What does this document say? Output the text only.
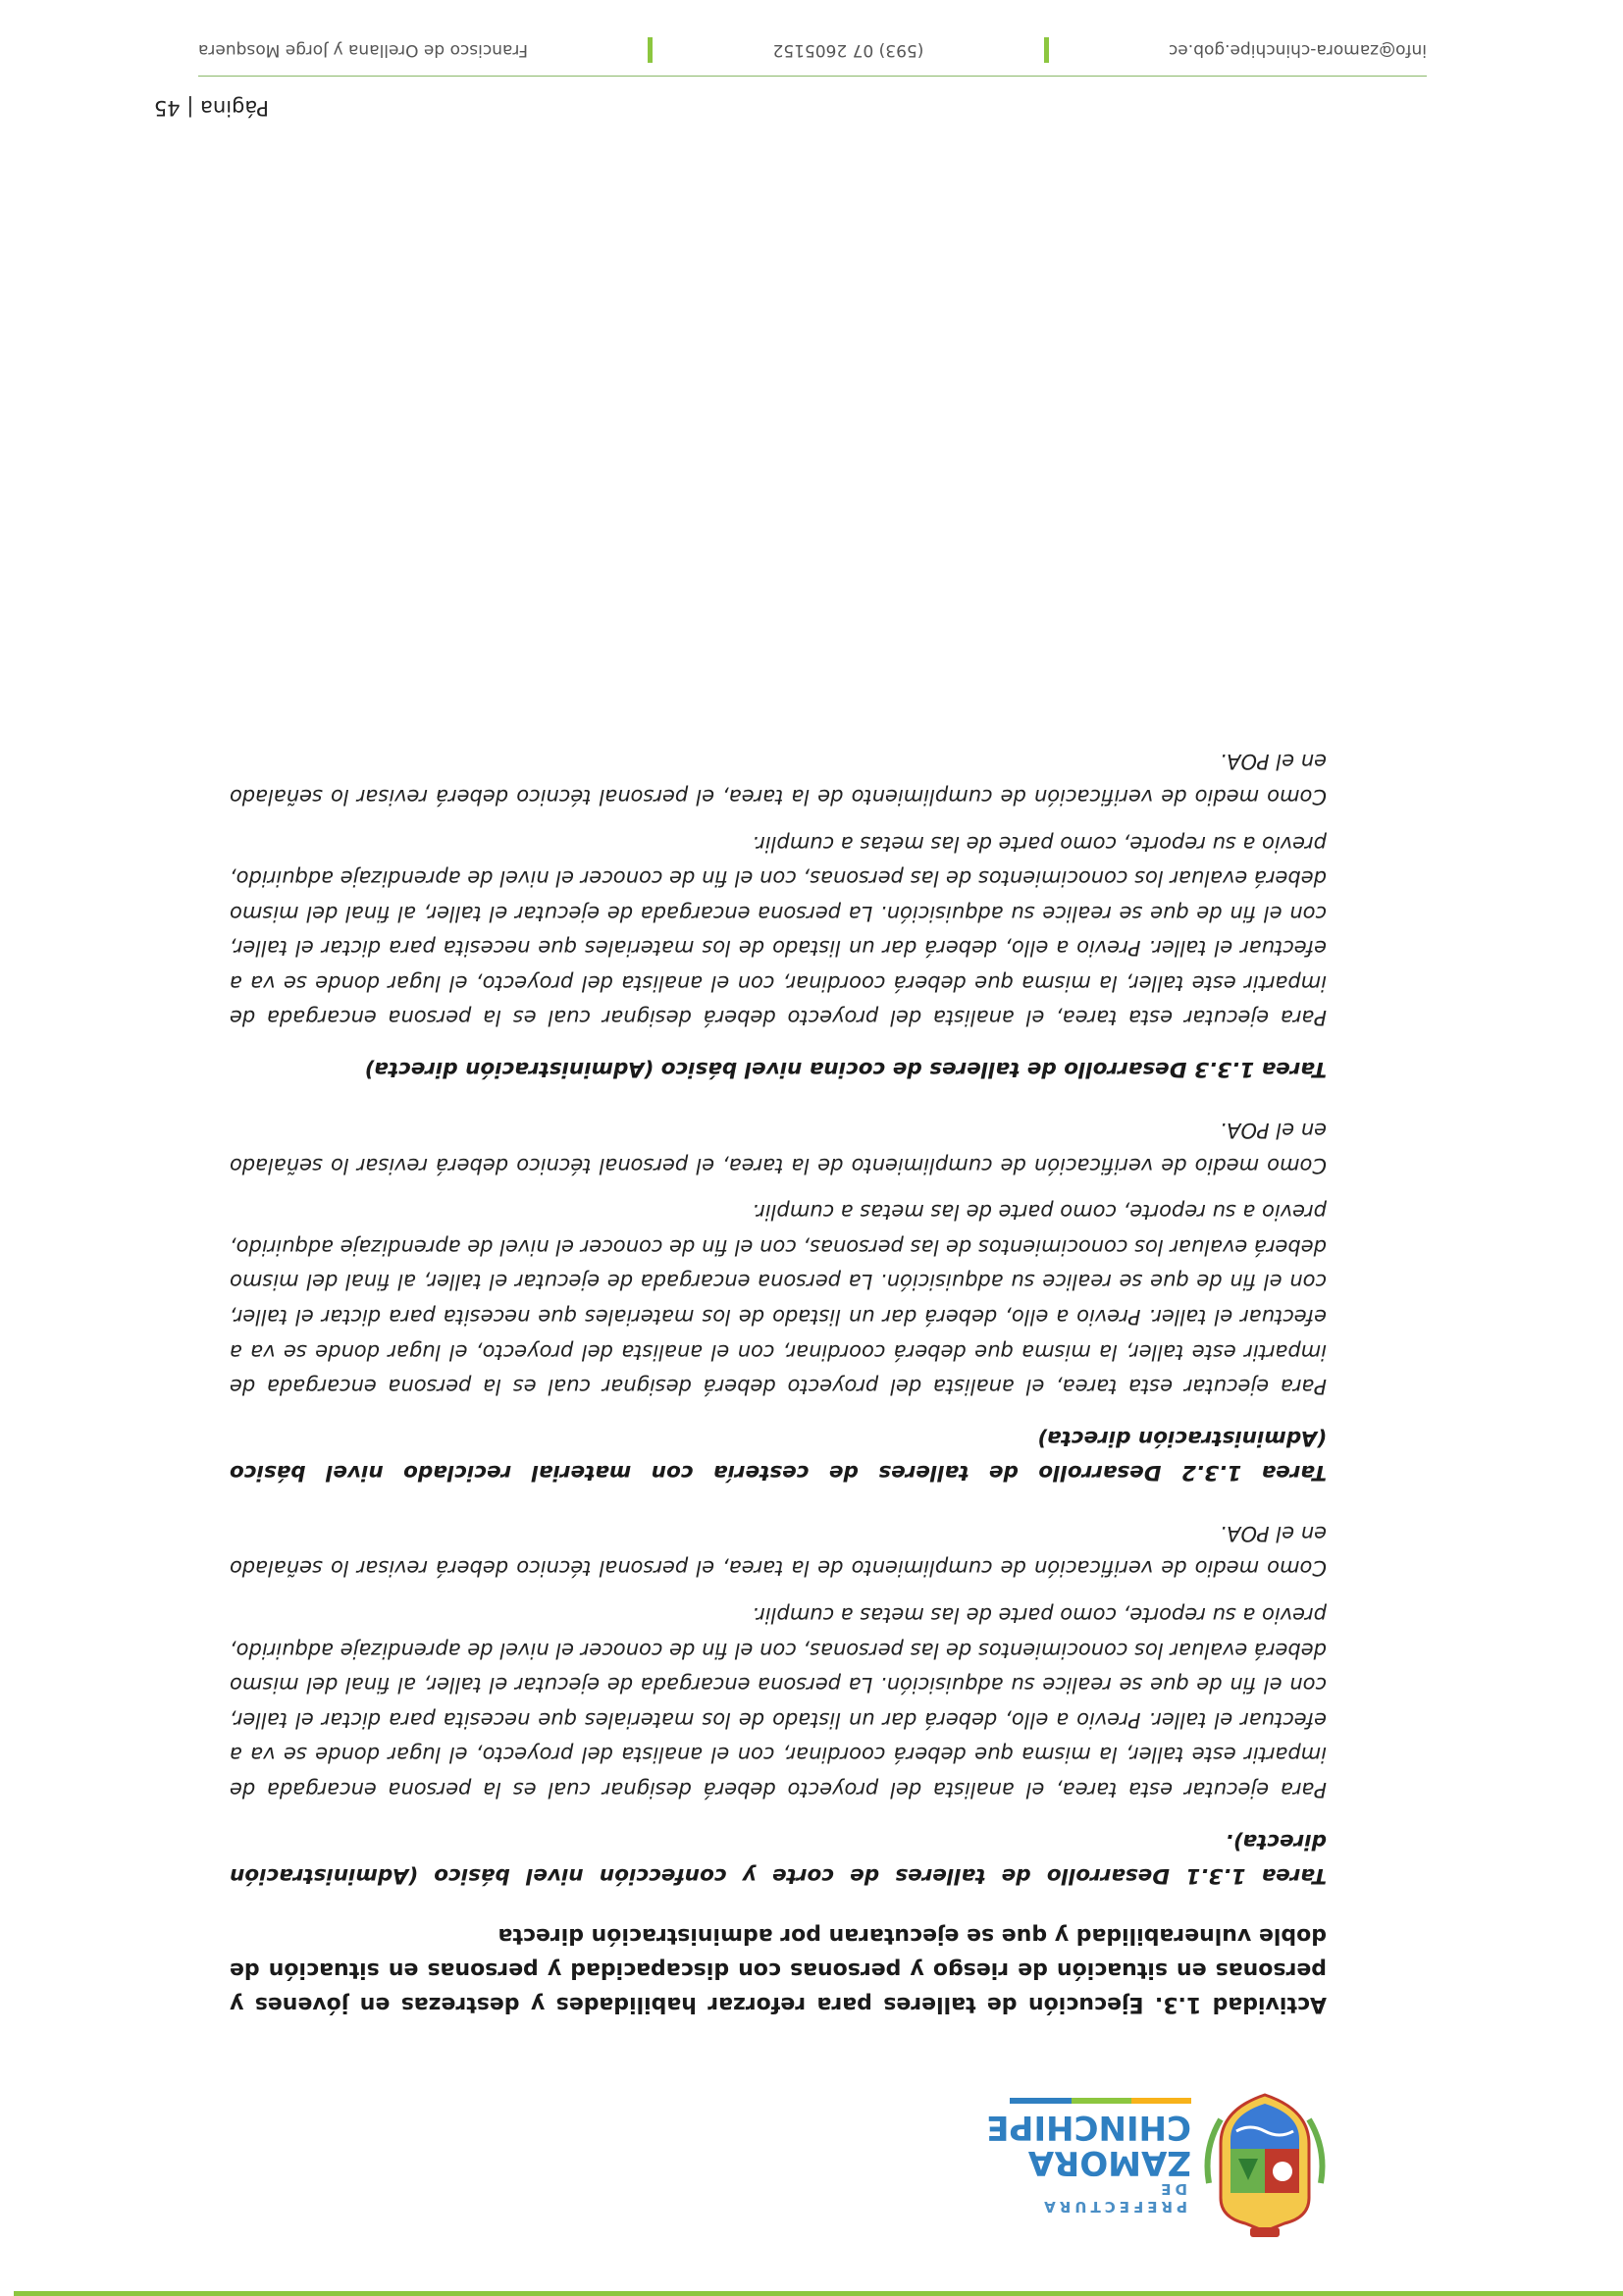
PREFECTURA DE
ZAMORA
CHINCHIPE

Actividad 1.3. Ejecución de talleres para reforzar habilidades y destrezas en jóvenes y personas en situación de riesgo y personas con discapacidad y personas en situación de doble vulnerabilidad y que se ejecutaran por administración directa

Tarea 1.3.1 Desarrollo de talleres de corte y confección nivel básico (Administración directa).

Para ejecutar esta tarea, el analista del proyecto deberá designar cual es la persona encargada de impartir este taller, la misma que deberá coordinar, con el analista del proyecto, el lugar donde se va a efectuar el taller. Previo a ello, deberá dar un listado de los materiales que necesita para dictar el taller, con el fin de que se realice su adquisición. La persona encargada de ejecutar el taller, al final del mismo deberá evaluar los conocimientos de las personas, con el fin de conocer el nivel de aprendizaje adquirido, previo a su reporte, como parte de las metas a cumplir.

Como medio de verificación de cumplimiento de la tarea, el personal técnico deberá revisar lo señalado en el POA.

Tarea 1.3.2 Desarrollo de talleres de cestería con material reciclado nivel básico (Administración directa)

Para ejecutar esta tarea, el analista del proyecto deberá designar cual es la persona encargada de impartir este taller, la misma que deberá coordinar, con el analista del proyecto, el lugar donde se va a efectuar el taller. Previo a ello, deberá dar un listado de los materiales que necesita para dictar el taller, con el fin de que se realice su adquisición. La persona encargada de ejecutar el taller, al final del mismo deberá evaluar los conocimientos de las personas, con el fin de conocer el nivel de aprendizaje adquirido, previo a su reporte, como parte de las metas a cumplir.

Como medio de verificación de cumplimiento de la tarea, el personal técnico deberá revisar lo señalado en el POA.

Tarea 1.3.3 Desarrollo de talleres de cocina nivel básico (Administración directa)

Para ejecutar esta tarea, el analista del proyecto deberá designar cual es la persona encargada de impartir este taller, la misma que deberá coordinar, con el analista del proyecto, el lugar donde se va a efectuar el taller. Previo a ello, deberá dar un listado de los materiales que necesita para dictar el taller, con el fin de que se realice su adquisición. La persona encargada de ejecutar el taller, al final del mismo deberá evaluar los conocimientos de las personas, con el fin de conocer el nivel de aprendizaje adquirido, previo a su reporte, como parte de las metas a cumplir.

Como medio de verificación de cumplimiento de la tarea, el personal técnico deberá revisar lo señalado en el POA.

Página | 45
info@zamora-chinchipe.gob.ec
(593) 07 2605152
Francisco de Orellana y Jorge Mosquera
